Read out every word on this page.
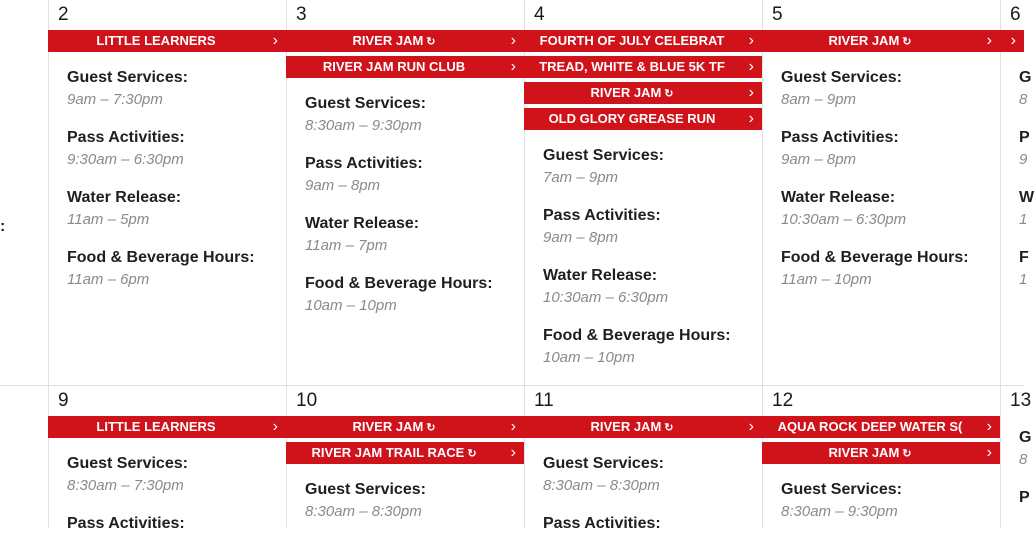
:
2
LITTLE LEARNERS	›
Guest Services:
9am – 7:30pm
Pass Activities:
9:30am – 6:30pm
Water Release:
11am – 5pm
Food & Beverage Hours:
11am – 6pm
3
RIVER JAM ↻	›
RIVER JAM RUN CLUB	›
Guest Services:
8:30am – 9:30pm
Pass Activities:
9am – 8pm
Water Release:
11am – 7pm
Food & Beverage Hours:
10am – 10pm
4
FOURTH OF JULY CELEBRAT	›
TREAD, WHITE & BLUE 5K TF	›
RIVER JAM ↻	›
OLD GLORY GREASE RUN	›
Guest Services:
7am – 9pm
Pass Activities:
9am – 8pm
Water Release:
10:30am – 6:30pm
Food & Beverage Hours:
10am – 10pm
5
RIVER JAM ↻	›
Guest Services:
8am – 9pm
Pass Activities:
9am – 8pm
Water Release:
10:30am – 6:30pm
Food & Beverage Hours:
11am – 10pm
6
›
G
8
P
9
W
1
F
1
9
LITTLE LEARNERS	›
Guest Services:
8:30am – 7:30pm
Pass Activities:
10
RIVER JAM ↻	›
RIVER JAM TRAIL RACE ↻	›
Guest Services:
8:30am – 8:30pm
11
RIVER JAM ↻	›
Guest Services:
8:30am – 8:30pm
Pass Activities:
12
AQUA ROCK DEEP WATER S(	›
RIVER JAM ↻	›
Guest Services:
8:30am – 9:30pm
13
G
8
P
